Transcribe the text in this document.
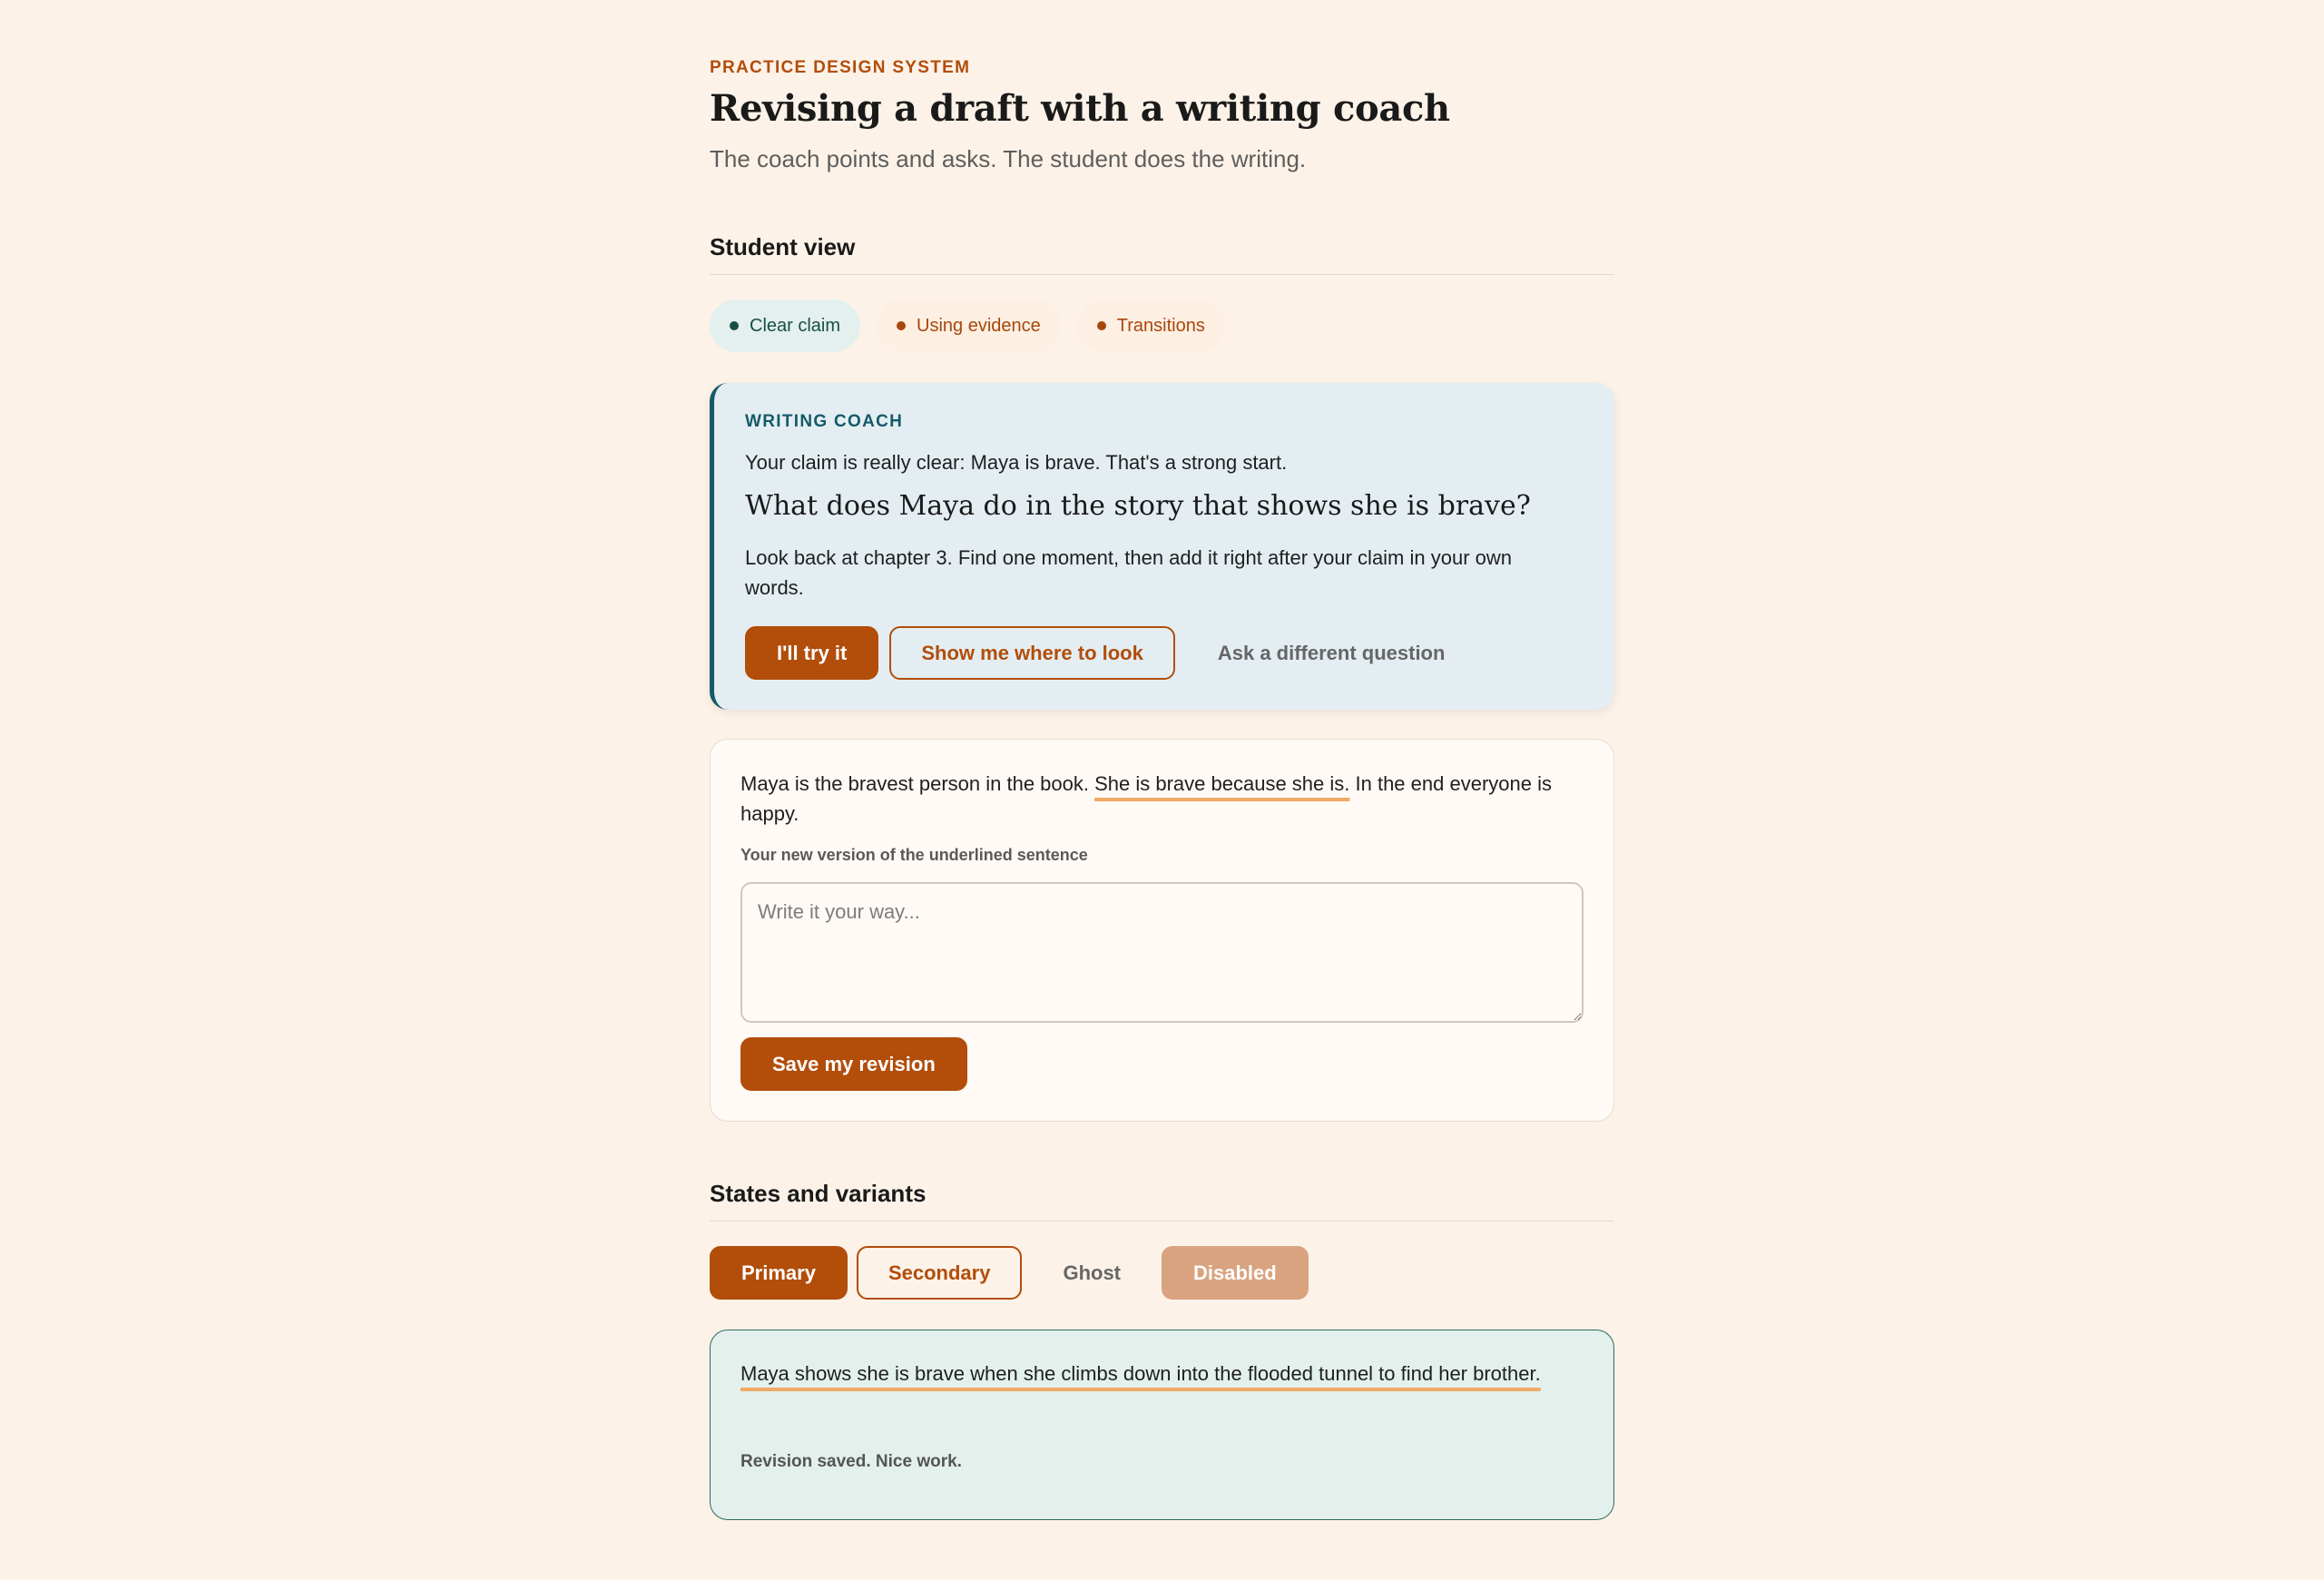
PRACTICE DESIGN SYSTEM
Revising a draft with a writing coach

The coach points and asks. The student does the writing.

Student view
Clear claim	Using evidence	Transitions
WRITING COACH

Your claim is really clear: Maya is brave. That's a strong start.

What does Maya do in the story that shows she is brave?

Look back at chapter 3. Find one moment, then add it right after your claim in your own words.

I'll try it	Show me where to look	Ask a different question

Maya is the bravest person in the book. She is brave because she is. In the end everyone is happy.

Your new version of the underlined sentence
Write it your way...
Save my revision
States and variants
Primary	Secondary	Ghost	Disabled

Maya shows she is brave when she climbs down into the flooded tunnel to find her brother.

Revision saved. Nice work.
